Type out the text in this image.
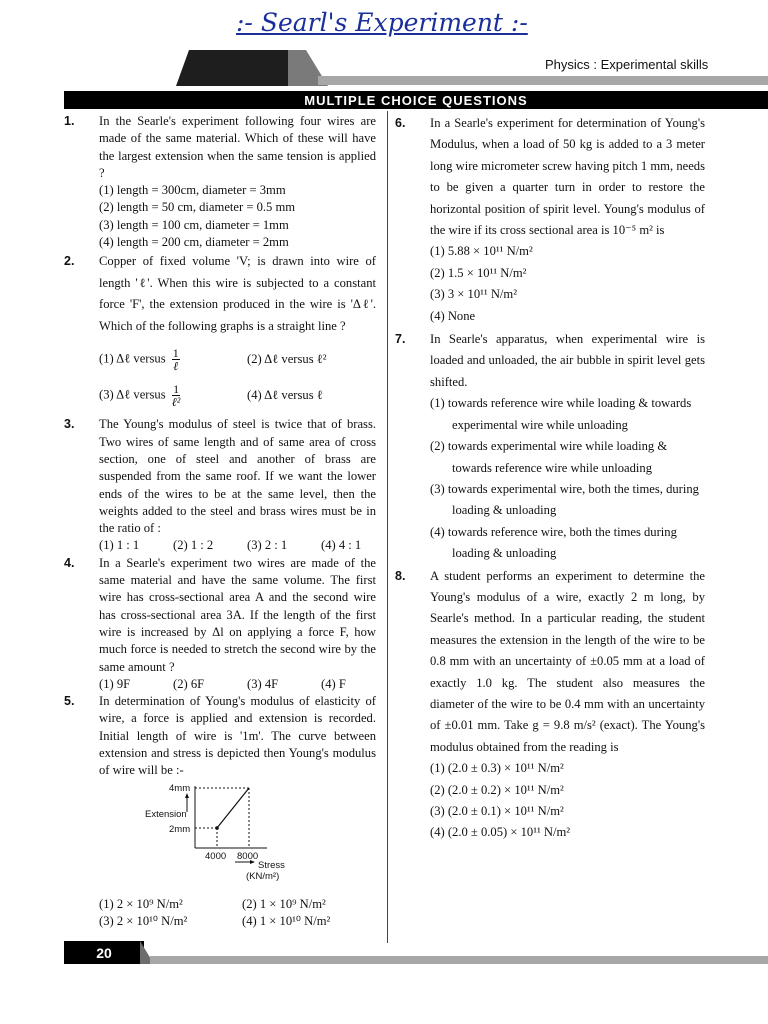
:- Searl's Experiment :-
Physics : Experimental skills
MULTIPLE CHOICE QUESTIONS
1. In the Searle's experiment following four wires are made of the same material. Which of these will have the largest extension when the same tension is applied ?
(1) length = 300cm, diameter = 3mm
(2) length = 50 cm, diameter = 0.5 mm
(3) length = 100 cm, diameter = 1mm
(4) length = 200 cm, diameter = 2mm
2. Copper of fixed volume 'V; is drawn into wire of length 'ℓ'. When this wire is subjected to a constant force 'F', the extension produced in the wire is 'Δℓ'. Which of the following graphs is a straight line ?
(1) Δℓ versus $\frac{1}{\text{ℓ}}$	(2) Δℓ versus ℓ²
(3) Δℓ versus $\frac{1}{\text{ℓ²}}$	(4) Δℓ versus ℓ
3. The Young's modulus of steel is twice that of brass. Two wires of same length and of same area of cross section, one of steel and another of brass are suspended from the same roof. If we want the lower ends of the wires to be at the same level, then the weights added to the steel and brass wires must be in the ratio of :
(1) 1 : 1	(2) 1 : 2	(3) 2 : 1	(4) 4 : 1
4. In a Searle's experiment two wires are made of the same material and have the same volume. The first wire has cross-sectional area A and the second wire has cross-sectional area 3A. If the length of the first wire is increased by Δl on applying a force F, how much force is needed to stretch the second wire by the same amount ?
(1) 9F	(2) 6F	(3) 4F	(4) F
5. In determination of Young's modulus of elasticity of wire, a force is applied and extension is recorded. Initial length of wire is '1m'. The curve between extension and stress is depicted then Young's modulus of wire will be :-
4mm
Extension
2mm
4000 8000
Stress
(KN/m²)
(1) 2 × 10⁹ N/m²	(2) 1 × 10⁹ N/m²
(3) 2 × 10¹⁰ N/m²	(4) 1 × 10¹⁰ N/m²
6. In a Searle's experiment for determination of Young's Modulus, when a load of 50 kg is added to a 3 meter long wire micrometer screw having pitch 1 mm, needs to be given a quarter turn in order to restore the horizontal position of spirit level. Young's modulus of the wire if its cross sectional area is 10⁻⁵ m² is
(1) 5.88 × 10¹¹ N/m²
(2) 1.5 × 10¹¹ N/m²
(3) 3 × 10¹¹ N/m²
(4) None
7. In Searle's apparatus, when experimental wire is loaded and unloaded, the air bubble in spirit level gets shifted.
(1) towards reference wire while loading & towards experimental wire while unloading
(2) towards experimental wire while loading & towards reference wire while unloading
(3) towards experimental wire, both the times, during loading & unloading
(4) towards reference wire, both the times during loading & unloading
8. A student performs an experiment to determine the Young's modulus of a wire, exactly 2 m long, by Searle's method. In a particular reading, the student measures the extension in the length of the wire to be 0.8 mm with an uncertainty of ±0.05 mm at a load of exactly 1.0 kg. The student also measures the diameter of the wire to be 0.4 mm with an uncertainty of ±0.01 mm. Take g = 9.8 m/s² (exact). The Young's modulus obtained from the reading is
(1) (2.0 ± 0.3) × 10¹¹ N/m²
(2) (2.0 ± 0.2) × 10¹¹ N/m²
(3) (2.0 ± 0.1) × 10¹¹ N/m²
(4) (2.0 ± 0.05) × 10¹¹ N/m²
20
